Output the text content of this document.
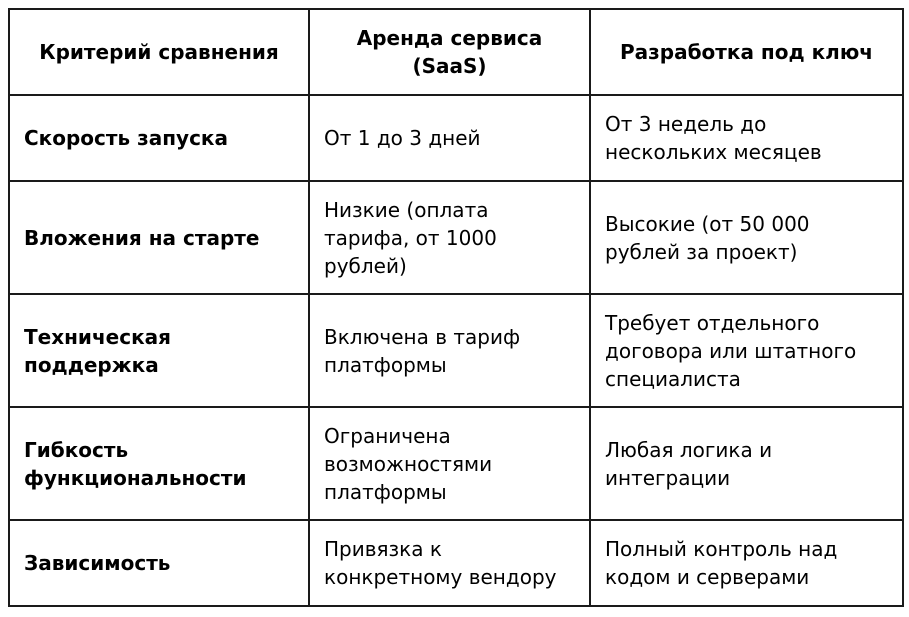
Критерий сравнения	Аренда сервиса (SaaS)	Разработка под ключ
Скорость запуска	От 1 до 3 дней	От 3 недель до нескольких месяцев
Вложения на старте	Низкие (оплата тарифа, от 1000 рублей)	Высокие (от 50 000 рублей за проект)
Техническая поддержка	Включена в тариф платформы	Требует отдельного договора или штатного специалиста
Гибкость функциональности	Ограничена возможностями платформы	Любая логика и интеграции
Зависимость	Привязка к конкретному вендору	Полный контроль над кодом и серверами
